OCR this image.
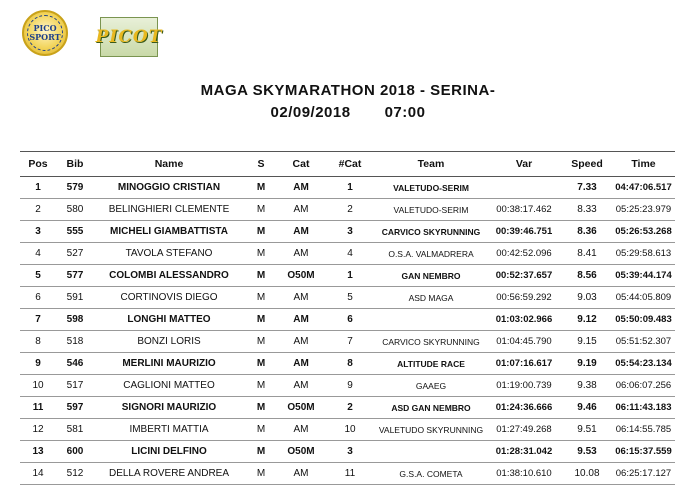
PICO
SPORT PICOT
MAGA SKYMARATHON 2018 - SERINA-
02/09/2018 07:00
Pos	Bib	Name	S	Cat	#Cat	Team	Var	Speed	Time
1	579	MINOGGIO CRISTIAN	M	AM	1	VALETUDO-SERIM		7.33	04:47:06.517
2	580	BELINGHIERI CLEMENTE	M	AM	2	VALETUDO-SERIM	00:38:17.462	8.33	05:25:23.979
3	555	MICHELI GIAMBATTISTA	M	AM	3	CARVICO SKYRUNNING	00:39:46.751	8.36	05:26:53.268
4	527	TAVOLA STEFANO	M	AM	4	O.S.A. VALMADRERA	00:42:52.096	8.41	05:29:58.613
5	577	COLOMBI ALESSANDRO	M	O50M	1	GAN NEMBRO	00:52:37.657	8.56	05:39:44.174
6	591	CORTINOVIS DIEGO	M	AM	5	ASD MAGA	00:56:59.292	9.03	05:44:05.809
7	598	LONGHI MATTEO	M	AM	6		01:03:02.966	9.12	05:50:09.483
8	518	BONZI LORIS	M	AM	7	CARVICO SKYRUNNING	01:04:45.790	9.15	05:51:52.307
9	546	MERLINI MAURIZIO	M	AM	8	ALTITUDE RACE	01:07:16.617	9.19	05:54:23.134
10	517	CAGLIONI MATTEO	M	AM	9	GAAEG	01:19:00.739	9.38	06:06:07.256
11	597	SIGNORI MAURIZIO	M	O50M	2	ASD GAN NEMBRO	01:24:36.666	9.46	06:11:43.183
12	581	IMBERTI MATTIA	M	AM	10	VALETUDO SKYRUNNING	01:27:49.268	9.51	06:14:55.785
13	600	LICINI DELFINO	M	O50M	3		01:28:31.042	9.53	06:15:37.559
14	512	DELLA ROVERE ANDREA	M	AM	11	G.S.A. COMETA	01:38:10.610	10.08	06:25:17.127
